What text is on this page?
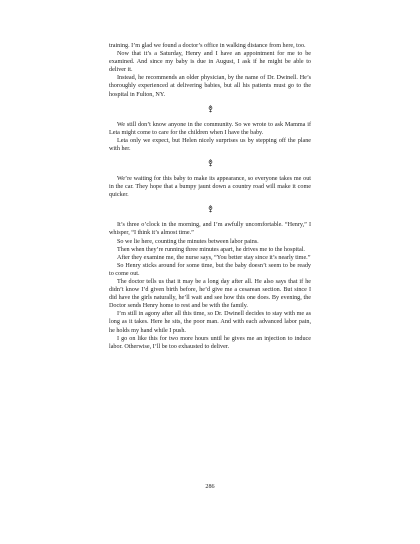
training. I’m glad we found a doctor’s office in walking distance from here, too.

Now that it’s a Saturday, Henry and I have an appointment for me to be examined. And since my baby is due in August, I ask if he might be able to deliver it.

Instead, he recommends an older physician, by the name of Dr. Dwinell. He’s thoroughly experienced at delivering babies, but all his patients must go to the hospital in Fulton, NY.

We still don’t know anyone in the community. So we wrote to ask Mamma if Leta might come to care for the children when I have the baby.

Leta only we expect, but Helen nicely surprises us by stepping off the plane with her.

We’re waiting for this baby to make its appearance, so everyone takes me out in the car. They hope that a bumpy jaunt down a country road will make it come quicker.

It’s three o’clock in the morning, and I’m awfully uncomfortable. “Henry,” I whisper, “I think it’s almost time.”

So we lie here, counting the minutes between labor pains.

Then when they’re running three minutes apart, he drives me to the hospital.

After they examine me, the nurse says, “You better stay since it’s nearly time.”

So Henry sticks around for some time, but the baby doesn’t seem to be ready to come out.

The doctor tells us that it may be a long day after all. He also says that if he didn’t know I’d given birth before, he’d give me a cesarean section. But since I did have the girls naturally, he’ll wait and see how this one does. By evening, the Doctor sends Henry home to rest and be with the family.

I’m still in agony after all this time, so Dr. Dwinell decides to stay with me as long as it takes. Here he sits, the poor man. And with each advanced labor pain, he holds my hand while I push.

I go on like this for two more hours until he gives me an injection to induce labor. Otherwise, I’ll be too exhausted to deliver.

286
